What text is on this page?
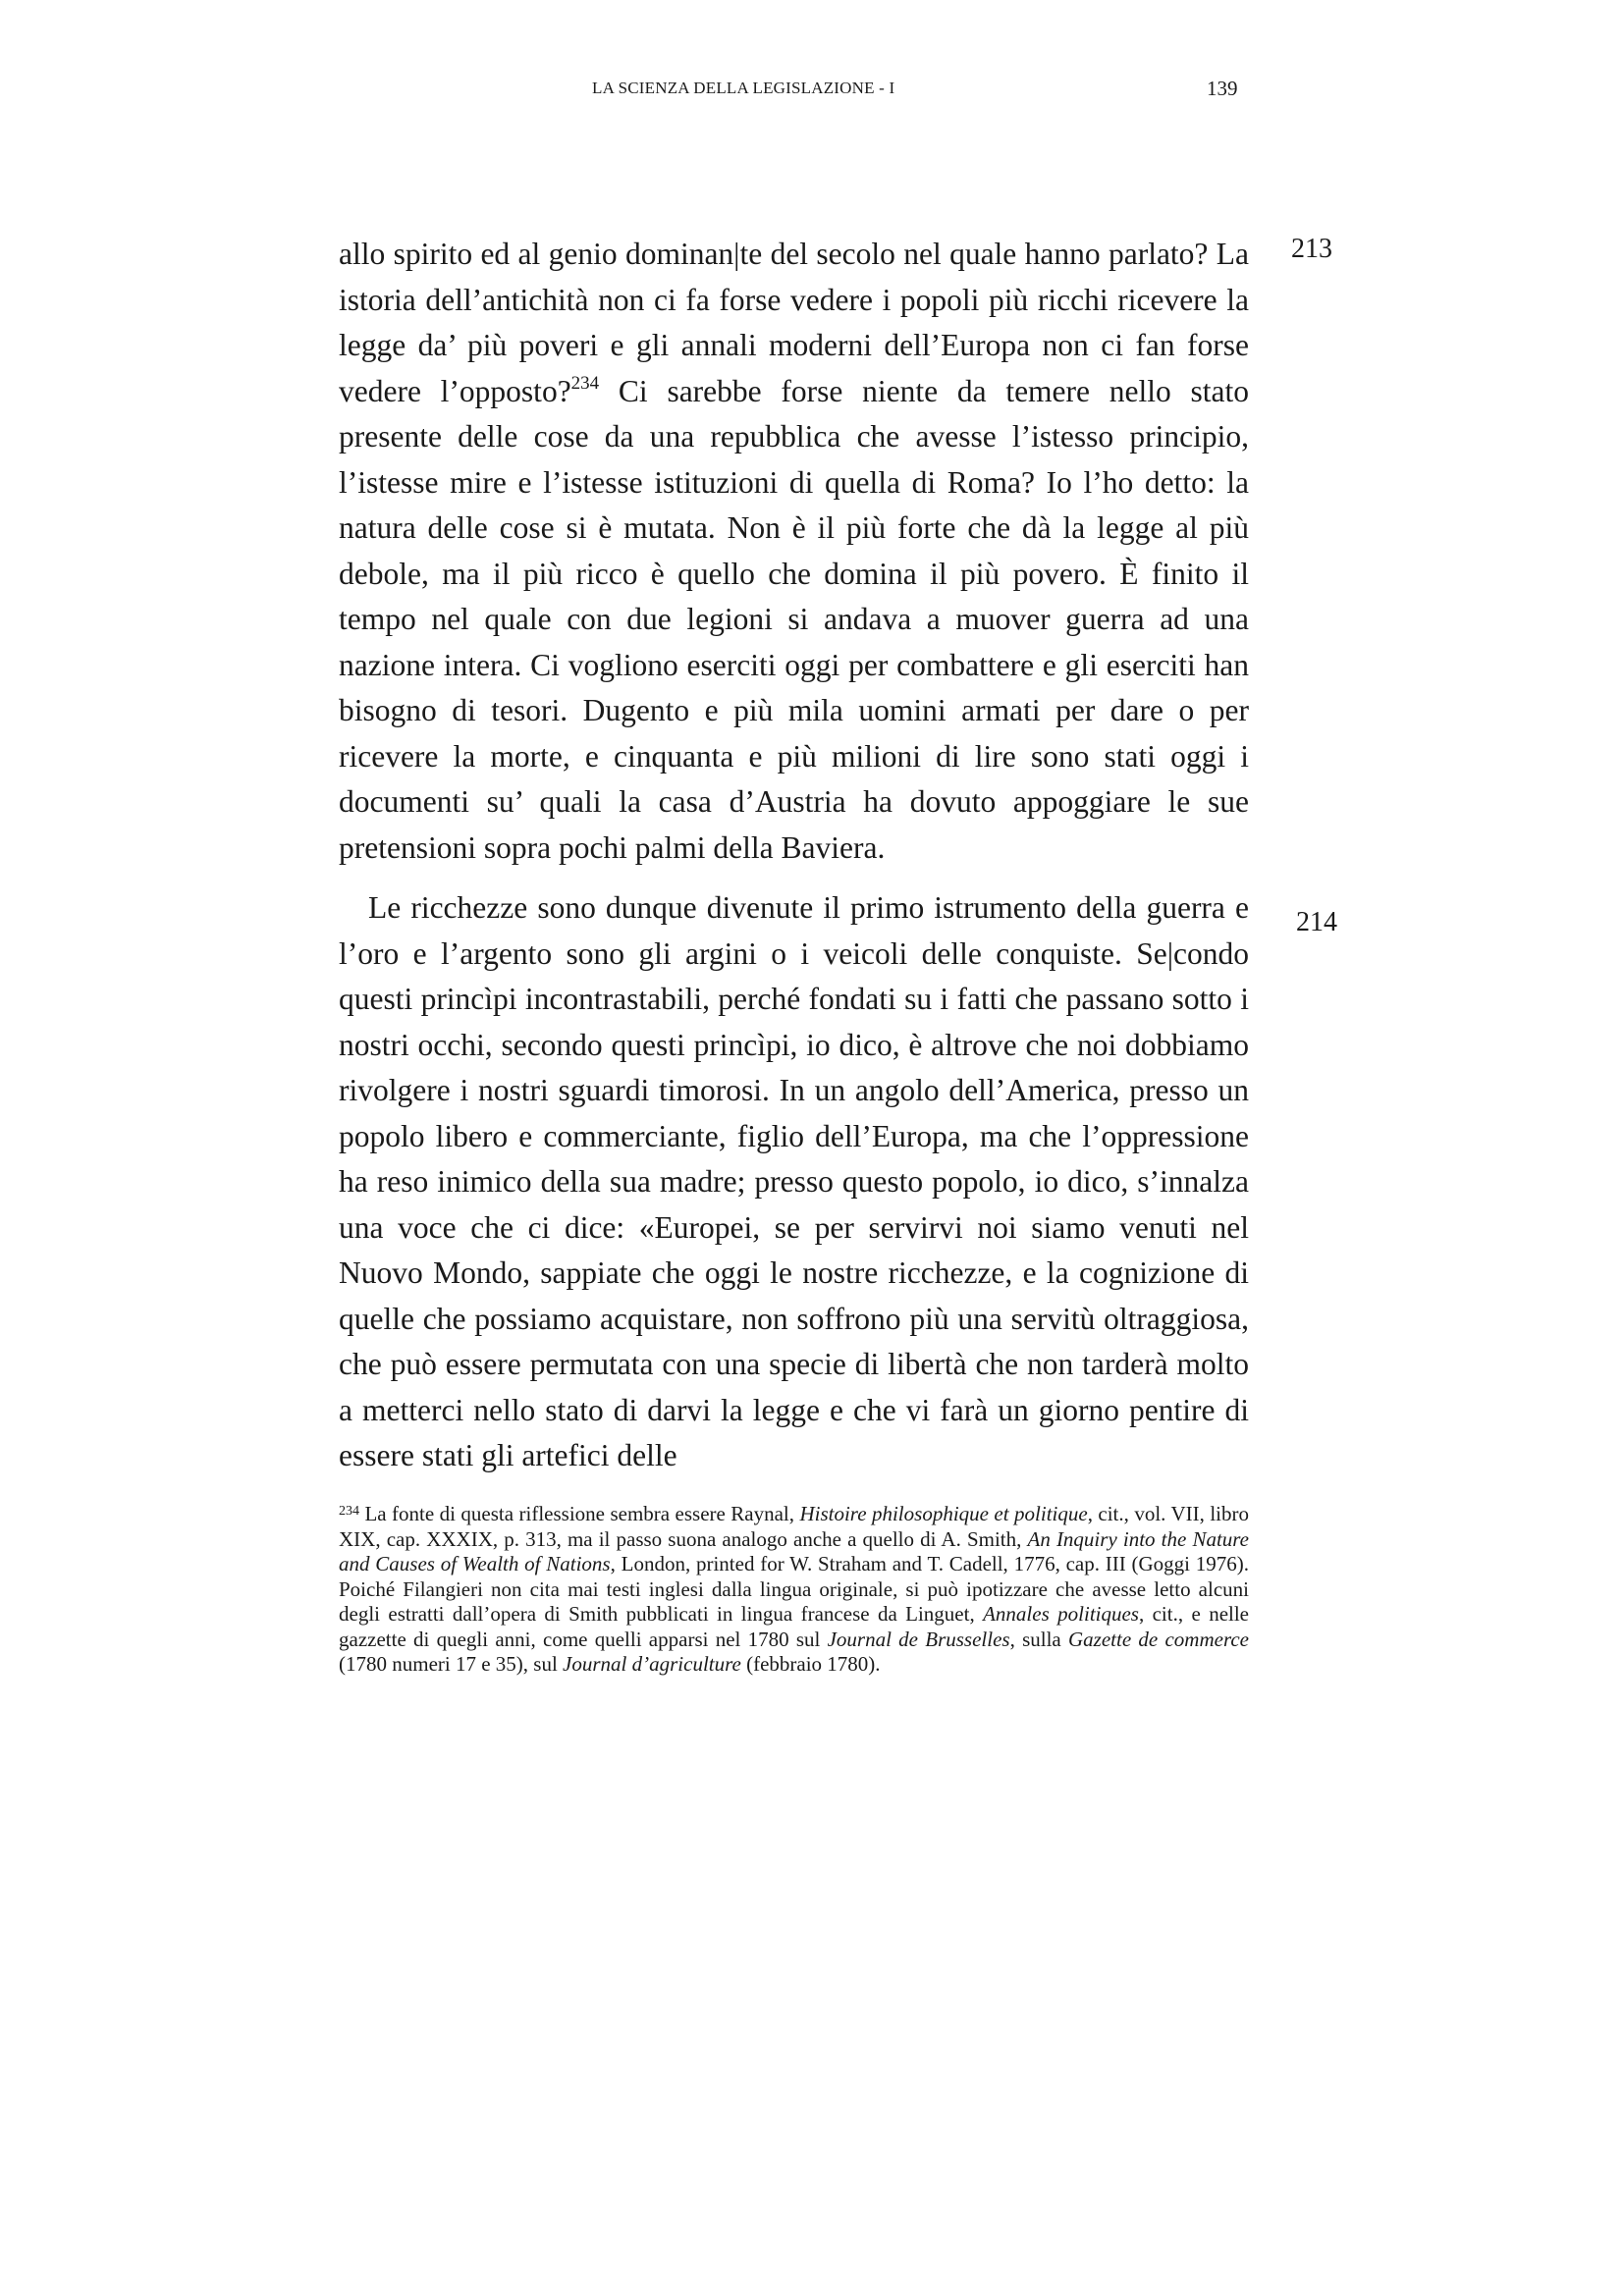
LA SCIENZA DELLA LEGISLAZIONE - I	139
213
214

allo spirito ed al genio dominan|te del secolo nel quale hanno parlato? La istoria dell’antichità non ci fa forse vedere i popoli più ricchi ricevere la legge da’ più poveri e gli annali moderni dell’Europa non ci fan forse vedere l’opposto?$^{234}$ Ci sarebbe forse niente da temere nello stato presente delle cose da una repubblica che avesse l’istesso principio, l’istesse mire e l’istesse istituzioni di quella di Roma? Io l’ho detto: la natura delle cose si è mutata. Non è il più forte che dà la legge al più debole, ma il più ricco è quello che domina il più povero. È finito il tempo nel quale con due legioni si andava a muover guerra ad una nazione intera. Ci vogliono eserciti oggi per combattere e gli eserciti han bisogno di tesori. Dugento e più mila uomini armati per dare o per ricevere la morte, e cinquanta e più milioni di lire sono stati oggi i documenti su’ quali la casa d’Austria ha dovuto appoggiare le sue pretensioni sopra pochi palmi della Baviera.

Le ricchezze sono dunque divenute il primo istrumento della guerra e l’oro e l’argento sono gli argini o i veicoli delle conquiste. Se|condo questi princìpi incontrastabili, perché fondati su i fatti che passano sotto i nostri occhi, secondo questi princìpi, io dico, è altrove che noi dobbiamo rivolgere i nostri sguardi timorosi. In un angolo dell’America, presso un popolo libero e commerciante, figlio dell’Europa, ma che l’oppressione ha reso inimico della sua madre; presso questo popolo, io dico, s’innalza una voce che ci dice: «Europei, se per servirvi noi siamo venuti nel Nuovo Mondo, sappiate che oggi le nostre ricchezze, e la cognizione di quelle che possiamo acquistare, non soffrono più una servitù oltraggiosa, che può essere permutata con una specie di libertà che non tarderà molto a metterci nello stato di darvi la legge e che vi farà un giorno pentire di essere stati gli artefici delle

$^{234}$ La fonte di questa riflessione sembra essere Raynal, Histoire philosophique et politique, cit., vol. VII, libro XIX, cap. XXXIX, p. 313, ma il passo suona analogo anche a quello di A. Smith, An Inquiry into the Nature and Causes of Wealth of Nations, London, printed for W. Straham and T. Cadell, 1776, cap. III (Goggi 1976). Poiché Filangieri non cita mai testi inglesi dalla lingua originale, si può ipotizzare che avesse letto alcuni degli estratti dall’opera di Smith pubblicati in lingua francese da Linguet, Annales politiques, cit., e nelle gazzette di quegli anni, come quelli apparsi nel 1780 sul Journal de Brusselles, sulla Gazette de commerce (1780 numeri 17 e 35), sul Journal d’agriculture (febbraio 1780).
